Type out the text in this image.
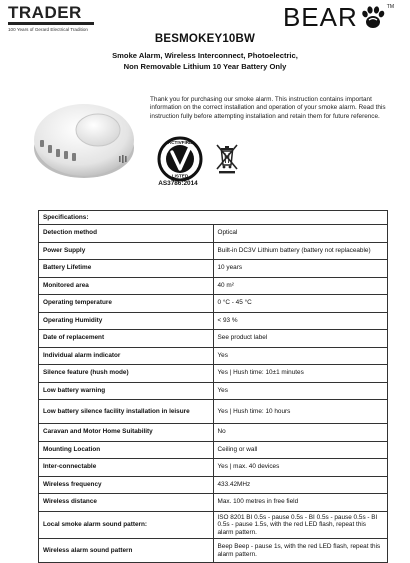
TRADER
100 Years of Gerard Electrical Tradition	BEAR	TM
BESMOKEY10BW
Smoke Alarm, Wireless Interconnect, Photoelectric,
Non Removable Lithium 10 Year Battery Only
Thank you for purchasing our smoke alarm. This instruction contains important information on the correct installation and operation of your smoke alarm. Read this instruction fully before attempting installation and retain them for future reference.
ACTIVFIRE
LISTED
AS3786:2014
Specifications:	
Detection method	Optical
Power Supply	Built-in DC3V Lithium battery (battery not replaceable)
Battery Lifetime	10 years
Monitored area	40 m²
Operating temperature	0 °C - 45 °C
Operating Humidity	< 93 %
Date of replacement	See product label
Individual alarm indicator	Yes
Silence feature (hush mode)	Yes | Hush time: 10±1 minutes
Low battery warning	Yes
Low battery silence facility installation in leisure	Yes | Hush time: 10 hours
Caravan and Motor Home Suitability	No
Mounting Location	Ceiling or wall
Inter-connectable	Yes | max. 40 devices
Wireless frequency	433.42MHz
Wireless distance	Max. 100 metres in free field
Local smoke alarm sound pattern:	ISO 8201 BI 0.5s - pause 0.5s - BI 0.5s - pause 0.5s - BI 0.5s - pause 1.5s, with the red LED flash, repeat this alarm pattern.
Wireless alarm sound pattern	Beep Beep - pause 1s, with the red LED flash, repeat this alarm pattern.
